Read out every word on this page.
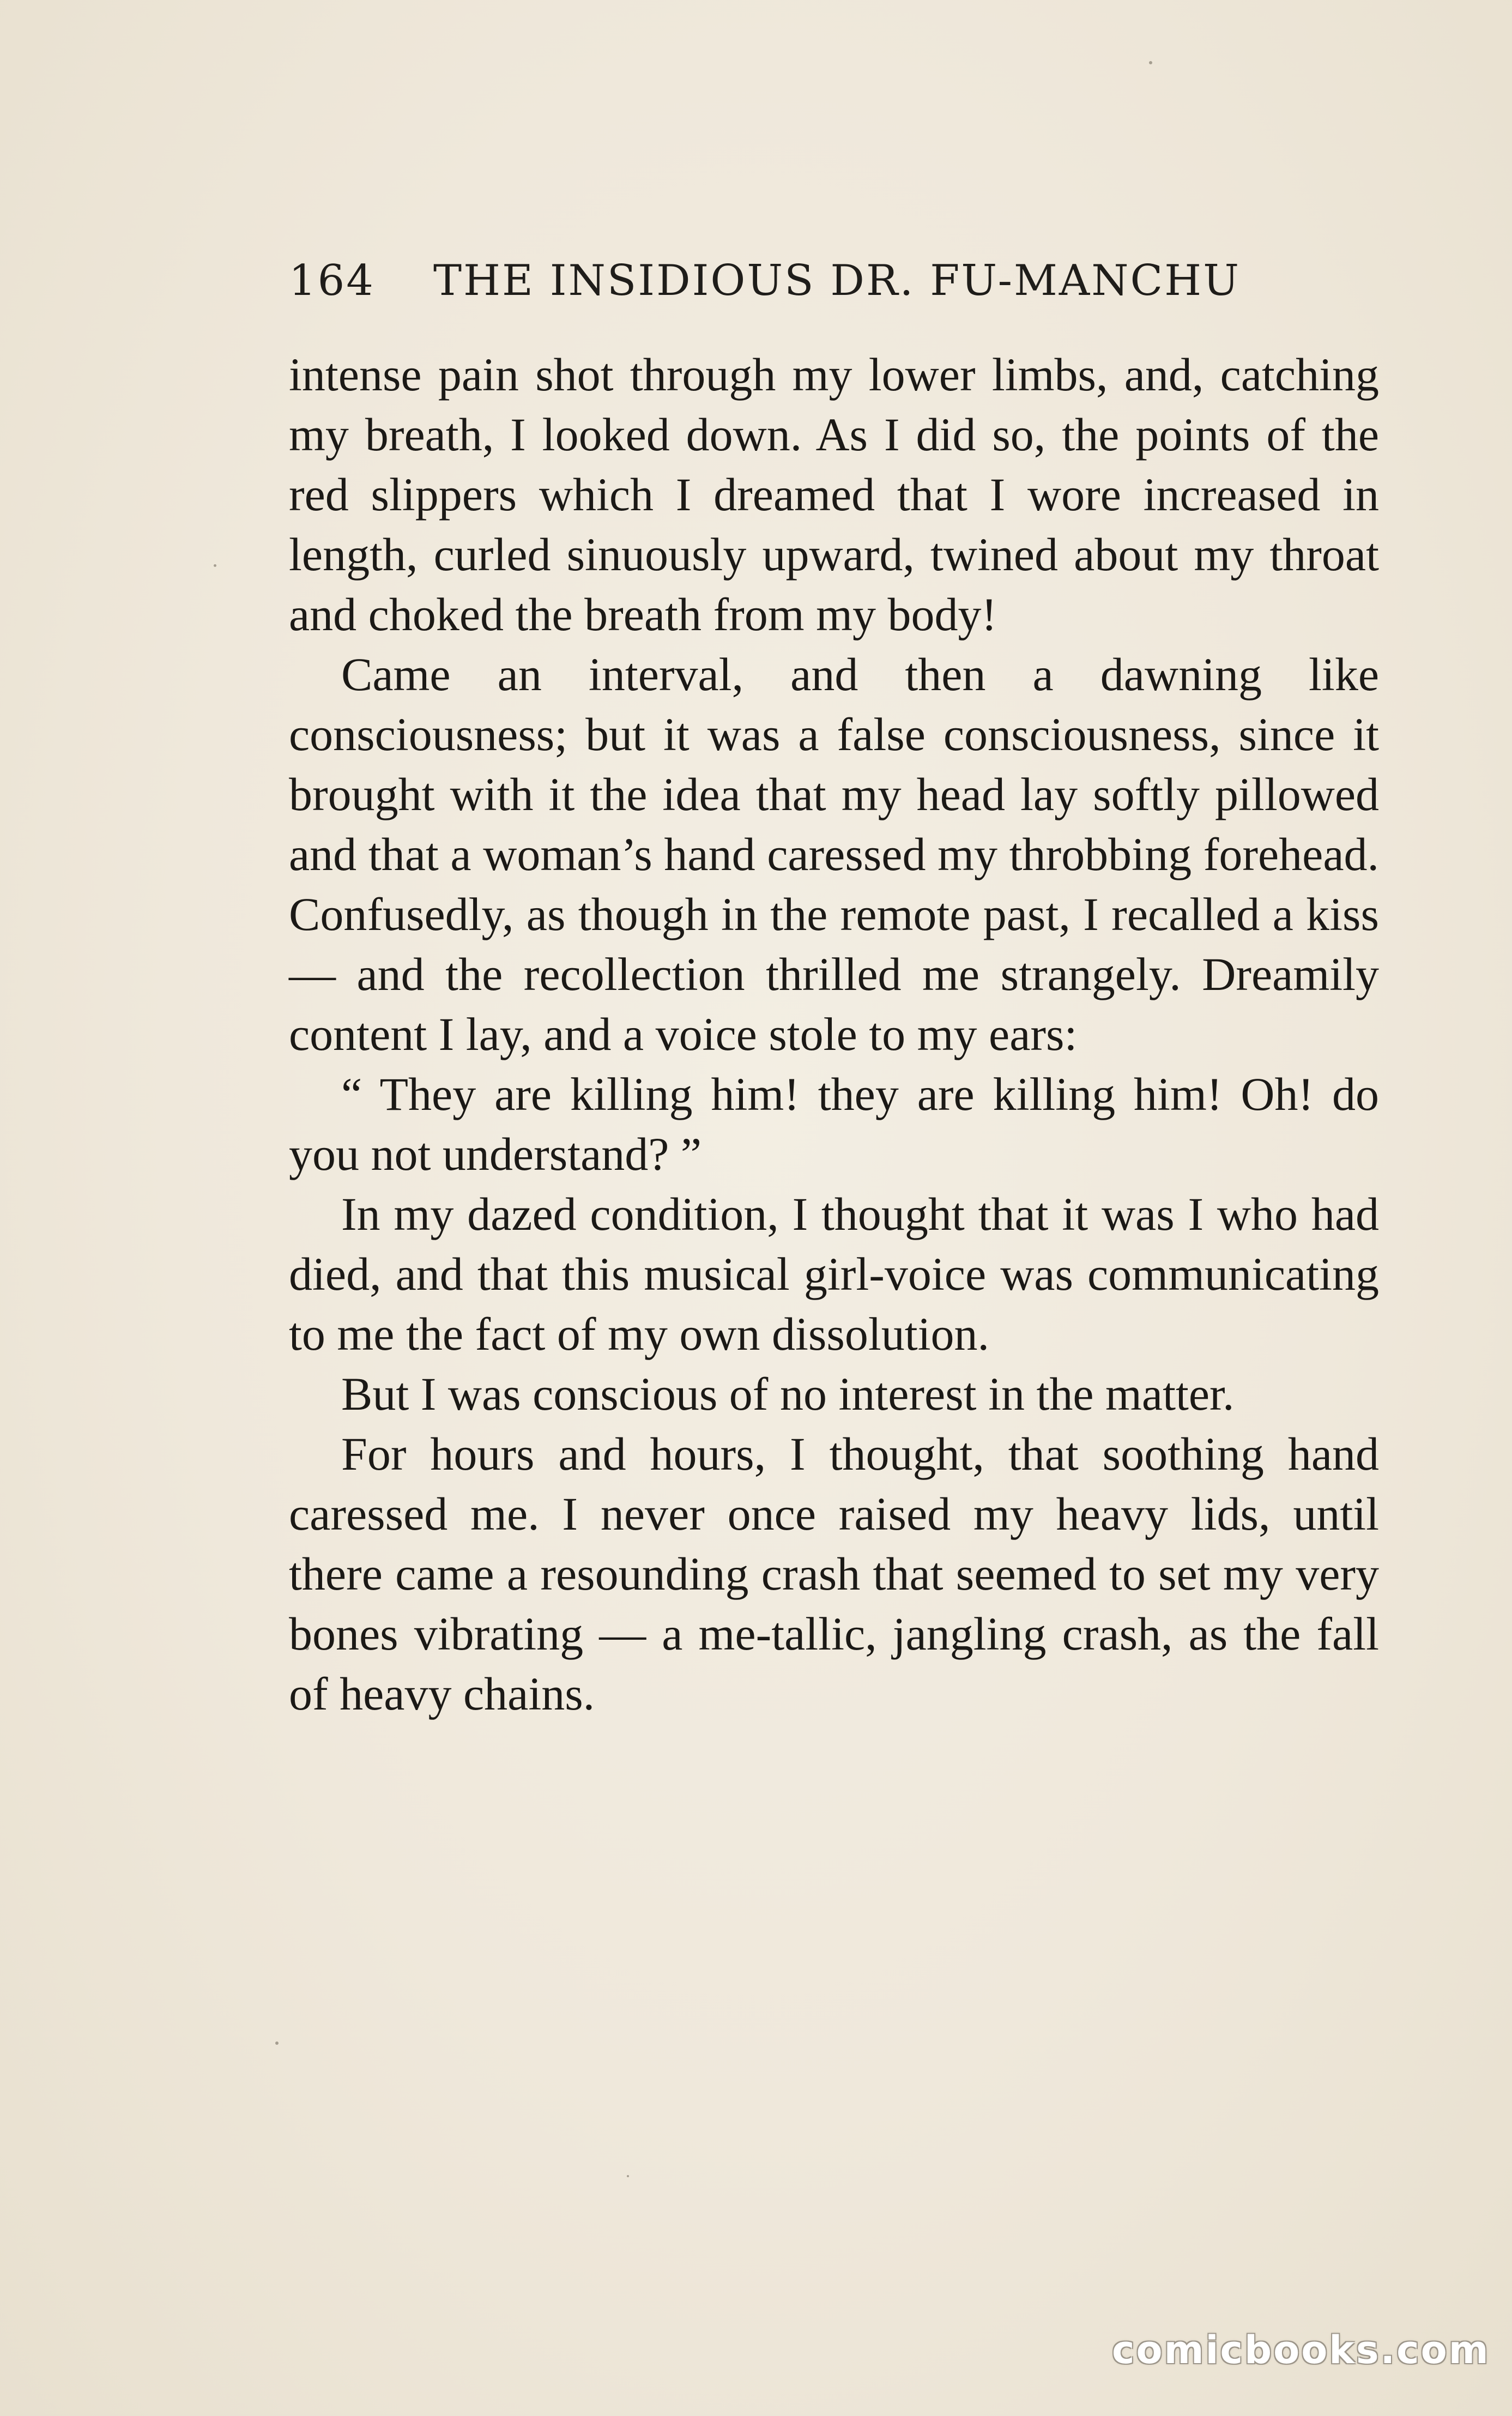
164 THE INSIDIOUS DR. FU-MANCHU

intense pain shot through my lower limbs, and, catching my breath, I looked down. As I did so, the points of the red slippers which I dreamed that I wore increased in length, curled sinuously upward, twined about my throat and choked the breath from my body!

Came an interval, and then a dawning like consciousness; but it was a false consciousness, since it brought with it the idea that my head lay softly pillowed and that a woman’s hand caressed my throbbing forehead. Confusedly, as though in the remote past, I recalled a kiss — and the recollection thrilled me strangely. Dreamily content I lay, and a voice stole to my ears:

“ They are killing him! they are killing him! Oh! do you not understand? ”

In my dazed condition, I thought that it was I who had died, and that this musical girl-voice was communicating to me the fact of my own dissolution.

But I was conscious of no interest in the matter.

For hours and hours, I thought, that soothing hand caressed me. I never once raised my heavy lids, until there came a resounding crash that seemed to set my very bones vibrating — a me-tallic, jangling crash, as the fall of heavy chains.

comicbooks.com
